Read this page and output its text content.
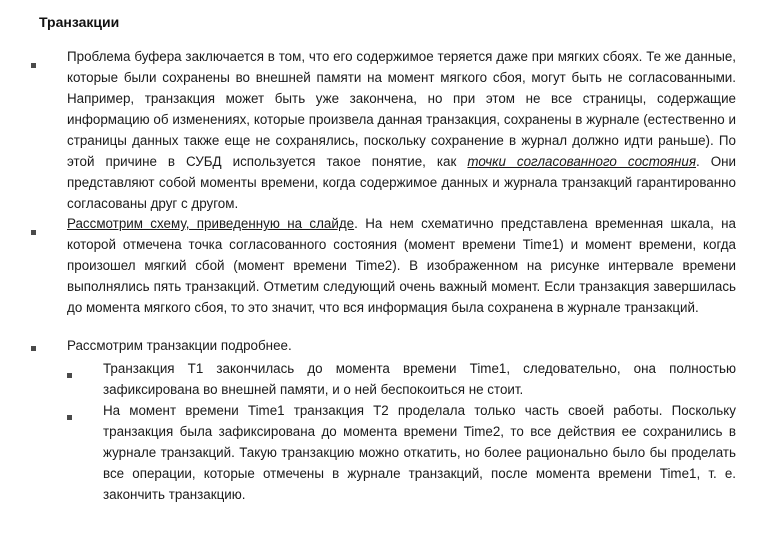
Транзакции
Проблема буфера заключается в том, что его содержимое теряется даже при мягких сбоях. Те же данные, которые были сохранены во внешней памяти на момент мягкого сбоя, могут быть не согласованными. Например, транзакция может быть уже закончена, но при этом не все страницы, содержащие информацию об изменениях, которые произвела данная транзакция, сохранены в журнале (естественно и страницы данных также еще не сохранялись, поскольку сохранение в журнал должно идти раньше). По этой причине в СУБД используется такое понятие, как точки согласованного состояния. Они представляют собой моменты времени, когда содержимое данных и журнала транзакций гарантированно согласованы друг с другом.
Рассмотрим схему, приведенную на слайде. На нем схематично представлена временная шкала, на которой отмечена точка согласованного состояния (момент времени Time1) и момент времени, когда произошел мягкий сбой (момент времени Time2). В изображенном на рисунке интервале времени выполнялись пять транзакций. Отметим следующий очень важный момент. Если транзакция завершилась до момента мягкого сбоя, то это значит, что вся информация была сохранена в журнале транзакций.
Рассмотрим транзакции подробнее.
Транзакция T1 закончилась до момента времени Time1, следовательно, она полностью зафиксирована во внешней памяти, и о ней беспокоиться не стоит.
На момент времени Time1 транзакция T2 проделала только часть своей работы. Поскольку транзакция была зафиксирована до момента времени Time2, то все действия ее сохранились в журнале транзакций. Такую транзакцию можно откатить, но более рационально было бы проделать все операции, которые отмечены в журнале транзакций, после момента времени Time1, т. е. закончить транзакцию.
